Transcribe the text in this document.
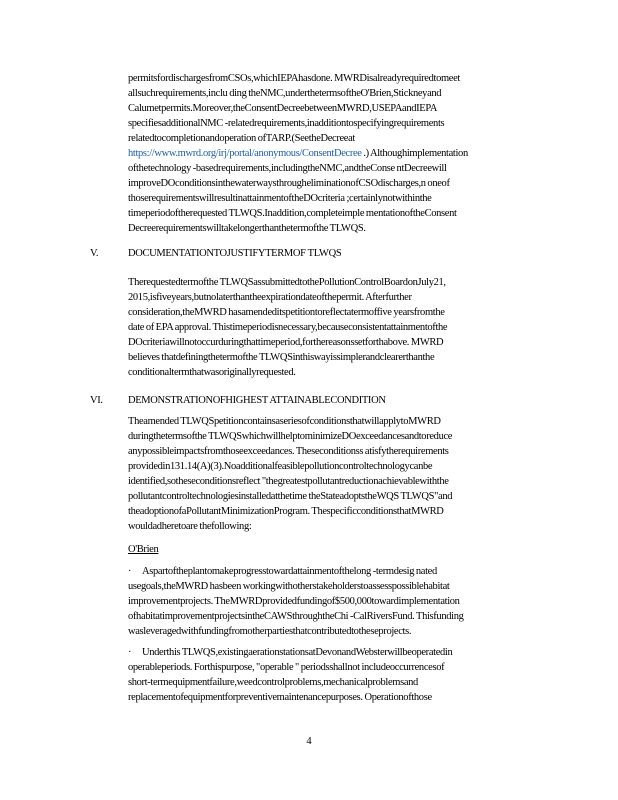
permitsfordischargesfromCSOs,whichIEPAhasdone. MWRDisalreadyrequiredtomeet
allsuchrequirements,inclu ding theNMC,underthetermsoftheO'Brien,Stickneyand
Calumetpermits.Moreover,theConsentDecreebetweenMWRD,USEPAandIEPA
specifiesadditionalNMC -relatedrequirements,inadditiontospecifyingrequirements
relatedtocompletionandoperation ofTARP.(SeetheDecreeat
https://www.mwrd.org/irj/portal/anonymous/ConsentDecree .) Althoughimplementation
ofthetechnology -basedrequirements,includingtheNMC,andtheConse ntDecreewill
improveDOconditionsinthewaterwaysthrougheliminationofCSOdischarges,n oneof
thoserequirementswillresultinattainmentoftheDOcriteria ;certainlynotwithinthe
timeperiodoftherequested TLWQS.Inaddition,completeimple mentationoftheConsent
Decreerequirementswilltakelongerthanthetermofthe TLWQS.
V.	DOCUMENTATIONTOJUSTIFYTERMOF TLWQS
Therequestedtermofthe TLWQSassubmittedtothePollutionControlBoardonJuly21,
2015,isfiveyears,butnolaterthantheexpirationdateofthepermit. Afterfurther
consideration,theMWRD hasamendeditspetitiontoreflectatermoffive yearsfromthe
date of EPA approval. Thistimeperiodisnecessary,becauseconsistentattainmentofthe
DOcriteriawillnotoccurduringthattimeperiod,forthereasonssetforthabove. MWRD
believes thatdefiningthetermofthe TLWQSinthiswayissimplerandclearerthanthe
conditionaltermthatwasoriginallyrequested.
VI. DEMONSTRATIONOFHIGHEST ATTAINABLECONDITION
Theamended TLWQSpetitioncontainsaseriesofconditionsthatwillapplytoMWRD
duringthetermsofthe TLWQSwhichwillhelptominimizeDOexceedancesandtoreduce
anypossibleimpactsfromthoseexceedances. Theseconditionss atisfytherequirements
providedin131.14(A)(3).Noadditionalfeasiblepollutioncontroltechnologycanbe
identified,sotheseconditionsreflect "thegreatestpollutantreductionachievablewiththe
pollutantcontroltechnologiesinstalledatthetime theStateadoptstheWQS TLWQS"and
theadoptionofaPollutantMinimizationProgram. ThespecificconditionsthatMWRD
wouldadheretoare thefollowing:
O'Brien
· Aspartoftheplantomakeprogresstowardattainmentofthelong -termdesig nated
usegoals,theMWRD hasbeen workingwithotherstakeholderstoassesspossiblehabitat
improvementprojects. TheMWRDprovidedfundingof$500,000towardimplementation
ofhabitatimprovementprojectsintheCAWSthroughtheChi -CalRiversFund. Thisfunding
wasleveragedwithfundingfromotherpartiesthatcontributedtotheseprojects.
· Underthis TLWQS,existingaerationstationsatDevonandWebsterwillbeoperatedin
operableperiods. Forthispurpose, "operable " periodsshallnot includeoccurrencesof
short-termequipmentfailure,weedcontrolproblems,mechanicalproblemsand
replacementofequipmentforpreventivemaintenancepurposes. Operationofthose
4
